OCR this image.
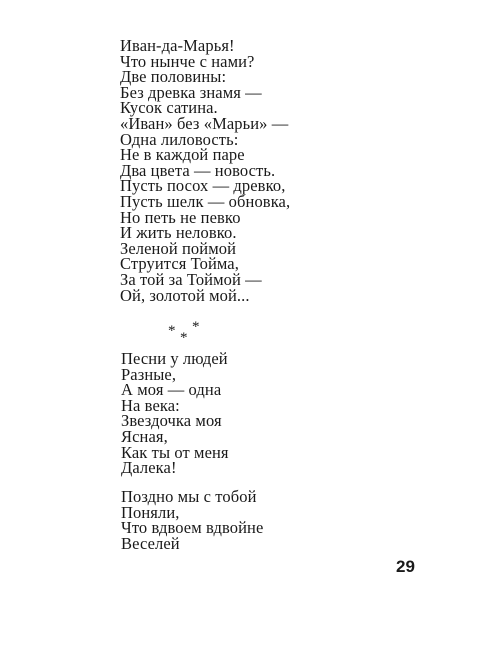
Иван-да-Марья!
Что нынче с нами?
Две половины:
Без древка знамя —
Кусок сатина.
«Иван» без «Марьи» —
Одна лиловость:
Не в каждой паре
Два цвета — новость.
Пусть посох — древко,
Пусть шелк — обновка,
Но петь не певко
И жить неловко.
Зеленой поймой
Струится Тойма,
За той за Тоймой —
Ой, золотой мой...
* *
*
Песни у людей
Разные,
А моя — одна
На века:
Звездочка моя
Ясная,
Как ты от меня
Далека!
Поздно мы с тобой
Поняли,
Что вдвоем вдвойне
Веселей
29
